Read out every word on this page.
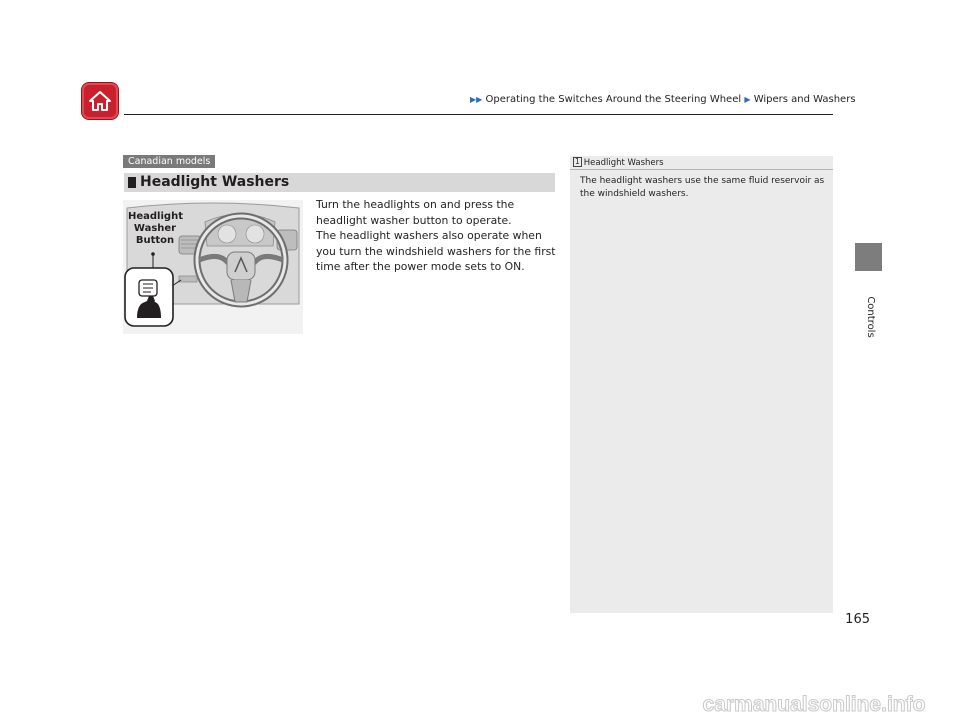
▶▶ Operating the Switches Around the Steering Wheel ▶ Wipers and Washers
Controls
Canadian models
Headlight Washers
Headlight
Washer
Button

Turn the headlights on and press the headlight washer button to operate.

The headlight washers also operate when you turn the windshield washers for the first time after the power mode sets to ON.

1 Headlight Washers
The headlight washers use the same fluid reservoir as the windshield washers.
165
carmanualsonline.info
